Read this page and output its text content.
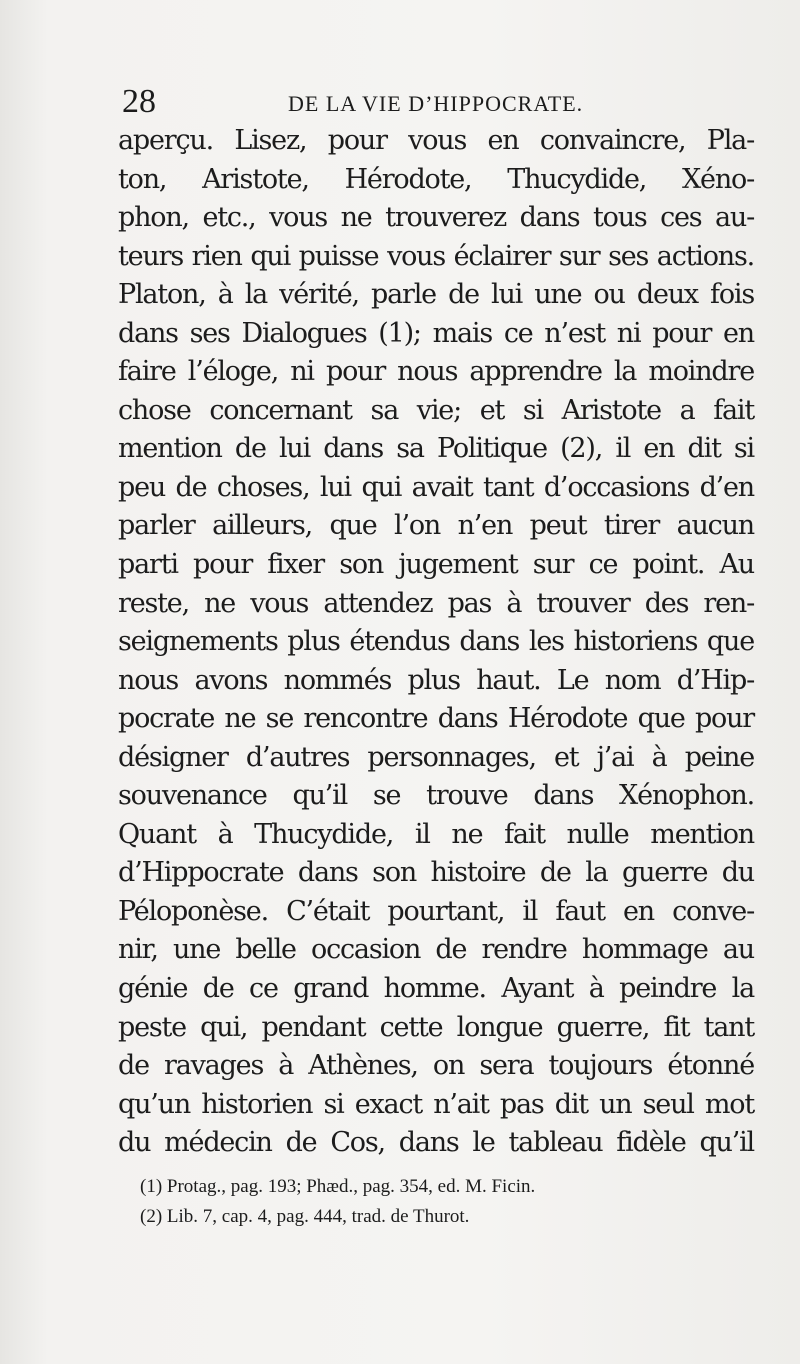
28	DE LA VIE D’HIPPOCRATE.
aperçu. Lisez, pour vous en convaincre, Pla-
ton, Aristote, Hérodote, Thucydide, Xéno-
phon, etc., vous ne trouverez dans tous ces au-
teurs rien qui puisse vous éclairer sur ses actions.
Platon, à la vérité, parle de lui une ou deux fois
dans ses Dialogues (1); mais ce n’est ni pour en
faire l’éloge, ni pour nous apprendre la moindre
chose concernant sa vie; et si Aristote a fait
mention de lui dans sa Politique (2), il en dit si
peu de choses, lui qui avait tant d’occasions d’en
parler ailleurs, que l’on n’en peut tirer aucun
parti pour fixer son jugement sur ce point. Au
reste, ne vous attendez pas à trouver des ren-
seignements plus étendus dans les historiens que
nous avons nommés plus haut. Le nom d’Hip-
pocrate ne se rencontre dans Hérodote que pour
désigner d’autres personnages, et j’ai à peine
souvenance qu’il se trouve dans Xénophon.
Quant à Thucydide, il ne fait nulle mention
d’Hippocrate dans son histoire de la guerre du
Péloponèse. C’était pourtant, il faut en conve-
nir, une belle occasion de rendre hommage au
génie de ce grand homme. Ayant à peindre la
peste qui, pendant cette longue guerre, fit tant
de ravages à Athènes, on sera toujours étonné
qu’un historien si exact n’ait pas dit un seul mot
du médecin de Cos, dans le tableau fidèle qu’il
(1) Protag., pag. 193; Phæd., pag. 354, ed. M. Ficin.
(2) Lib. 7, cap. 4, pag. 444, trad. de Thurot.
